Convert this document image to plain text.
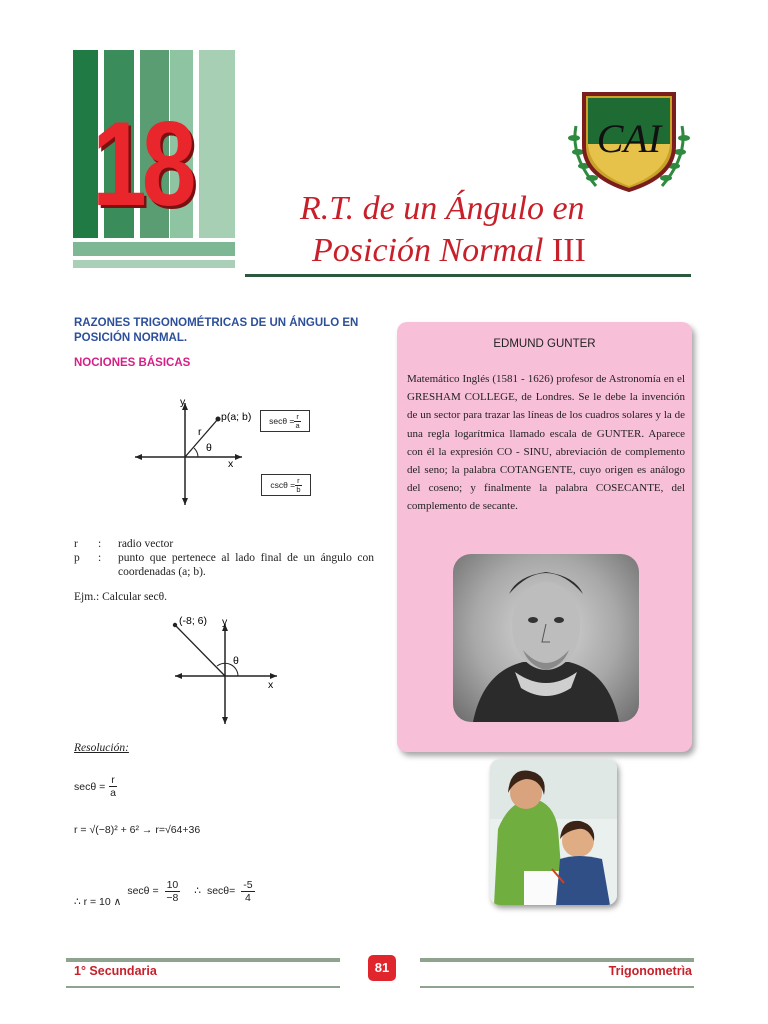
18	CAI
R.T. de un Ángulo en
Posición Normal III
RAZONES TRIGONOMÉTRICAS DE UN ÁNGULO EN POSICIÓN NORMAL.
NOCIONES BÁSICAS
y
x
p(a; b)
r
θ
$\sec\theta = \frac{r}{a}$
$\csc\theta = \frac{r}{b}$
r	:	radio vector
p	:	punto que pertenece al lado final de un ángulo con coordenadas (a; b).
Ejm.: Calcular secθ.
(-8; 6) y
x
θ
Resolución:
$\sec\theta = \frac{r}{a}$
r = √(−8)² + 6² → r=√64+36
∴ r = 10 ∧
$\sec\theta = \frac{10}{-8}$ ∴ $\sec\theta= \frac{-5}{4}$
EDMUND GUNTER
Matemático Inglés (1581 - 1626) profesor de Astronomía en el GRESHAM COLLEGE, de Londres. Se le debe la invención de un sector para trazar las líneas de los cuadros solares y la de una regla logarítmica llamado escala de GUNTER. Aparece con él la expresión CO - SINU, abreviación de complemento del seno; la palabra COTANGENTE, cuyo origen es análogo del coseno; y finalmente la palabra COSECANTE, del complemento de secante.
1° Secundaria	81	Trigonometrìa
